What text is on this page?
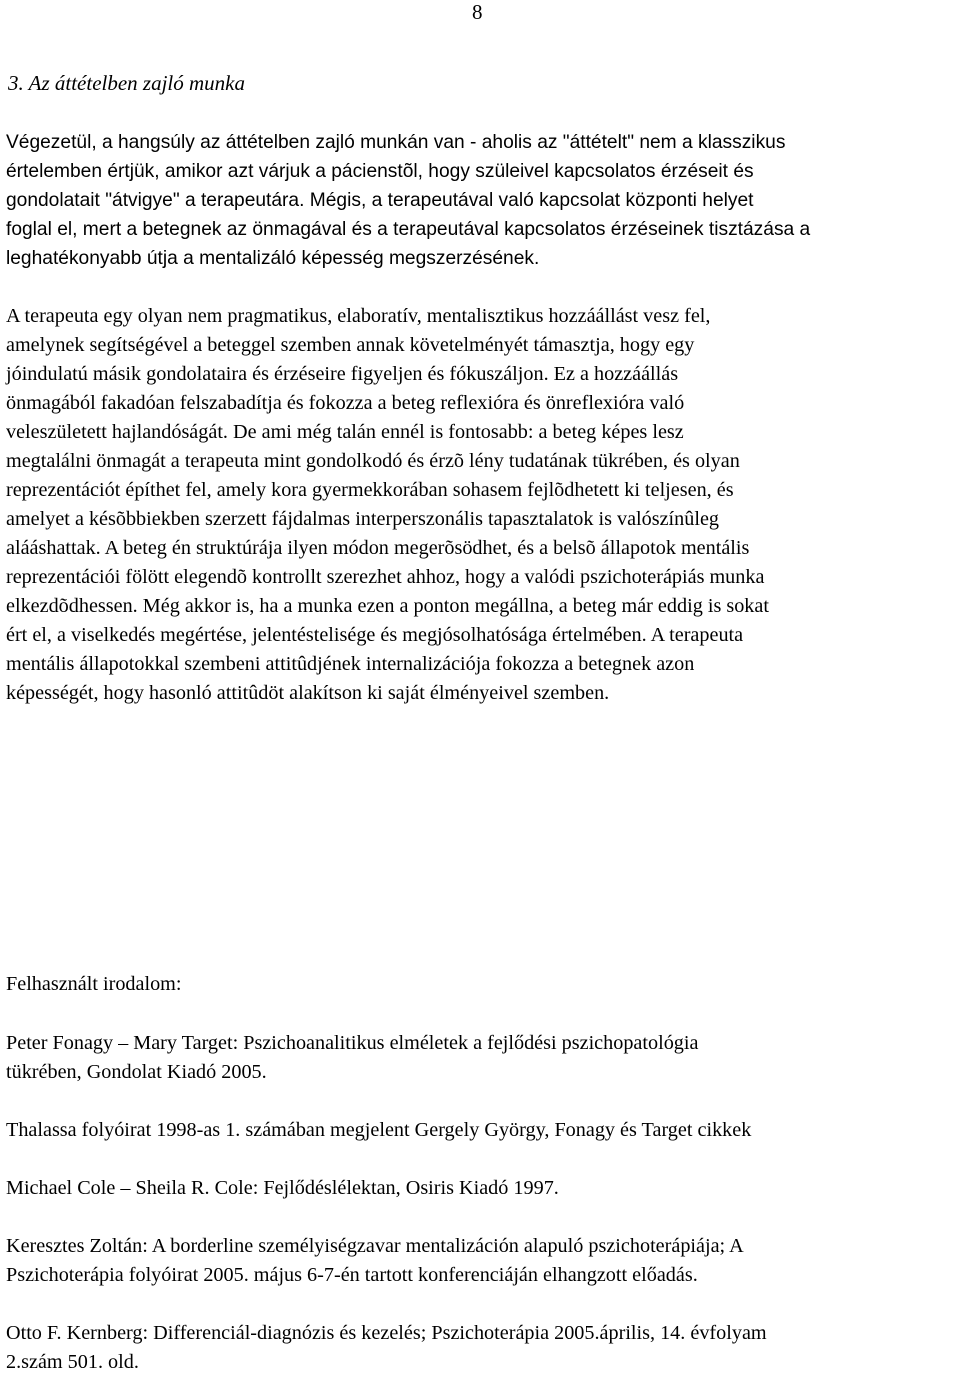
8
3. Az áttételben zajló munka

Végezetül, a hangsúly az áttételben zajló munkán van - aholis az "áttételt" nem a klasszikus
értelemben értjük, amikor azt várjuk a pácienstõl, hogy szüleivel kapcsolatos érzéseit és
gondolatait "átvigye" a terapeutára. Mégis, a terapeutával való kapcsolat központi helyet
foglal el, mert a betegnek az önmagával és a terapeutával kapcsolatos érzéseinek tisztázása a
leghatékonyabb útja a mentalizáló képesség megszerzésének.

A terapeuta egy olyan nem pragmatikus, elaboratív, mentalisztikus hozzáállást vesz fel,
amelynek segítségével a beteggel szemben annak követelményét támasztja, hogy egy
jóindulatú másik gondolataira és érzéseire figyeljen és fókuszáljon. Ez a hozzáállás
önmagából fakadóan felszabadítja és fokozza a beteg reflexióra és önreflexióra való
veleszületett hajlandóságát. De ami még talán ennél is fontosabb: a beteg képes lesz
megtalálni önmagát a terapeuta mint gondolkodó és érzõ lény tudatának tükrében, és olyan
reprezentációt építhet fel, amely kora gyermekkorában sohasem fejlõdhetett ki teljesen, és
amelyet a késõbbiekben szerzett fájdalmas interperszonális tapasztalatok is valószínûleg
alááshattak. A beteg én struktúrája ilyen módon megerõsödhet, és a belsõ állapotok mentális
reprezentációi fölött elegendõ kontrollt szerezhet ahhoz, hogy a valódi pszichoterápiás munka
elkezdõdhessen. Még akkor is, ha a munka ezen a ponton megállna, a beteg már eddig is sokat
ért el, a viselkedés megértése, jelentéstelisége és megjósolhatósága értelmében. A terapeuta
mentális állapotokkal szembeni attitûdjének internalizációja fokozza a betegnek azon
képességét, hogy hasonló attitûdöt alakítson ki saját élményeivel szemben.

Felhasznált irodalom:

Peter Fonagy – Mary Target: Pszichoanalitikus elméletek a fejlődési pszichopatológia
tükrében, Gondolat Kiadó 2005.

Thalassa folyóirat 1998-as 1. számában megjelent Gergely György, Fonagy és Target cikkek

Michael Cole – Sheila R. Cole: Fejlődéslélektan, Osiris Kiadó 1997.

Keresztes Zoltán: A borderline személyiségzavar mentalizáción alapuló pszichoterápiája; A
Pszichoterápia folyóirat 2005. május 6-7-én tartott konferenciáján elhangzott előadás.

Otto F. Kernberg: Differenciál-diagnózis és kezelés; Pszichoterápia 2005.április, 14. évfolyam
2.szám 501. old.
